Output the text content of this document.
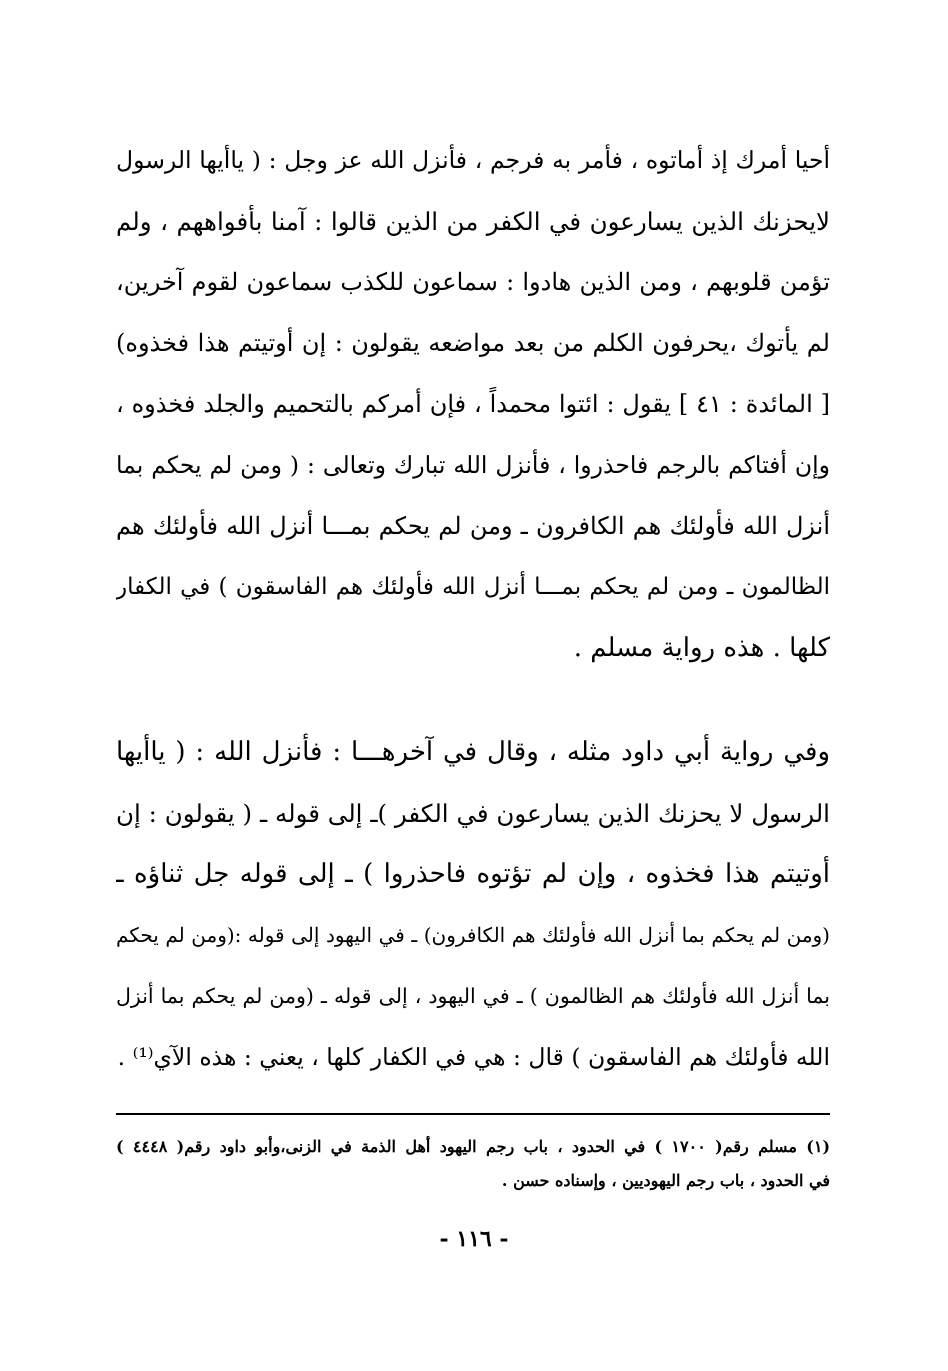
أحيا أمرك إذ أماتوه ، فأمر به فرجم ، فأنزل الله عز وجل : ( ياأيها الرسول
لايحزنك الذين يسارعون في الكفر من الذين قالوا : آمنا بأفواههم ، ولم
تؤمن قلوبهم ، ومن الذين هادوا : سماعون للكذب سماعون لقوم آخرين،
لم يأتوك ،يحرفون الكلم من بعد مواضعه يقولون : إن أوتيتم هذا فخذوه)
[ المائدة : ٤١ ] يقول : ائتوا محمداً ، فإن أمركم بالتحميم والجلد فخذوه ،
وإن أفتاكم بالرجم فاحذروا ، فأنزل الله تبارك وتعالى : ( ومن لم يحكم بما
أنزل الله فأولئك هم الكافرون ـ ومن لم يحكم بمـــا أنزل الله فأولئك هم
الظالمون ـ ومن لم يحكم بمـــا أنزل الله فأولئك هم الفاسقون ) في الكفار
كلها . هذه رواية مسلم .
وفي رواية أبي داود مثله ، وقال في آخرهـــا : فأنزل الله : ( ياأيها
الرسول لا يحزنك الذين يسارعون في الكفر )ـ إلى قوله ـ ( يقولون : إن
أوتيتم هذا فخذوه ، وإن لم تؤتوه فاحذروا ) ـ إلى قوله جل ثناؤه ـ
(ومن لم يحكم بما أنزل الله فأولئك هم الكافرون) ـ في اليهود إلى قوله :(ومن لم يحكم
بما أنزل الله فأولئك هم الظالمون ) ـ في اليهود ، إلى قوله ـ (ومن لم يحكم بما أنزل
الله فأولئك هم الفاسقون ) قال : هي في الكفار كلها ، يعني : هذه الآي⁽¹⁾ .
(١) مسلم رقم( ١٧٠٠ ) في الحدود ، باب رجم اليهود أهل الذمة في الزنى،وأبو داود رقم( ٤٤٤٨ )
في الحدود ، باب رجم اليهوديين ، وإسناده حسن .
- ١١٦ -
